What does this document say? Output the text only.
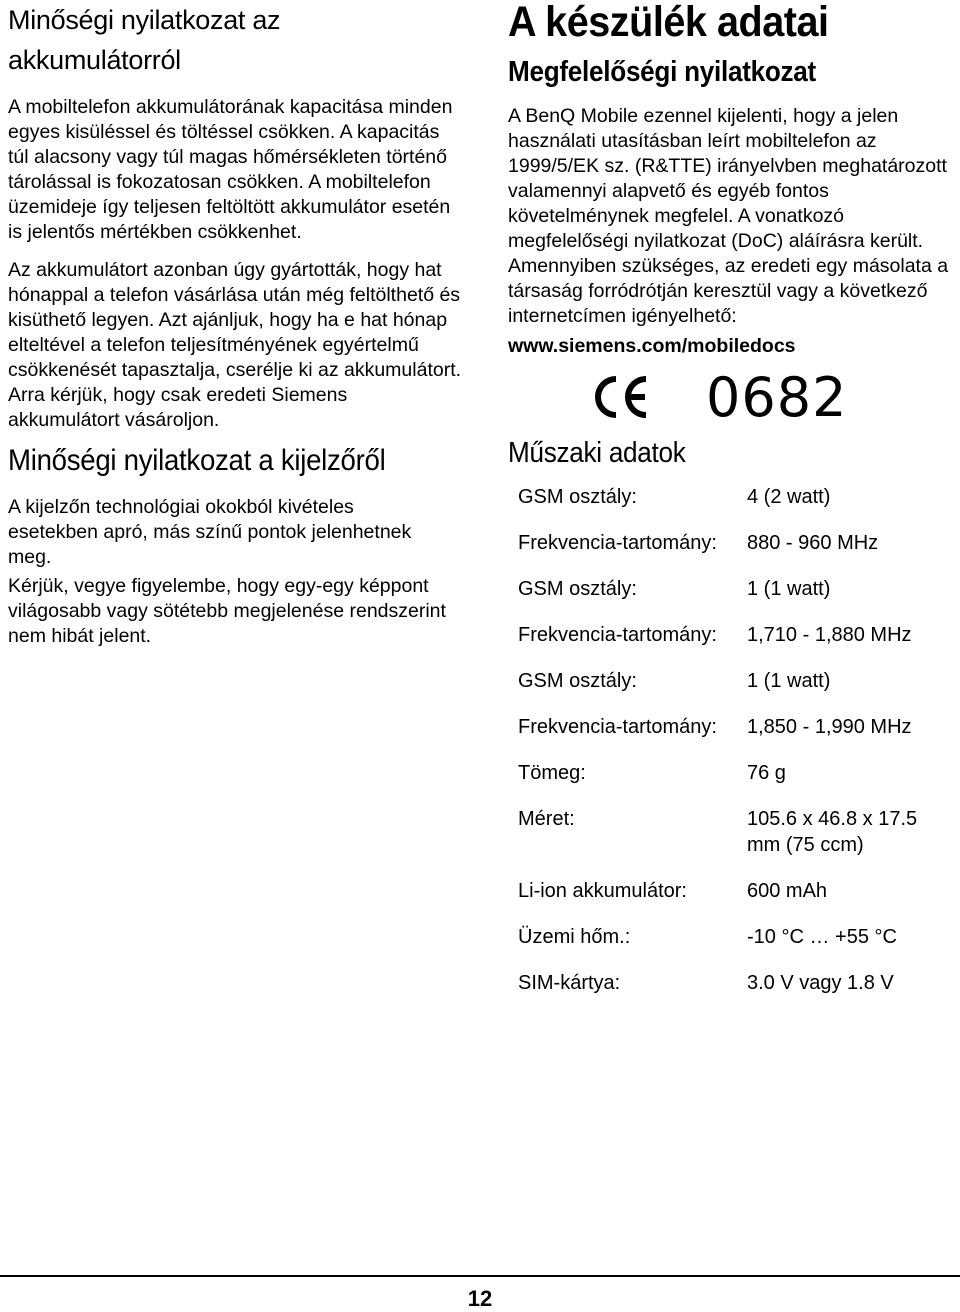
Minőségi nyilatkozat az akkumulátorról

A mobiltelefon akkumulátorának kapacitása minden egyes kisüléssel és töltéssel csökken. A kapacitás túl alacsony vagy túl magas hőmérsékleten történő tárolással is fokozatosan csökken. A mobiltelefon üzemideje így teljesen feltöltött akkumulátor esetén is jelentős mértékben csökkenhet.

Az akkumulátort azonban úgy gyártották, hogy hat hónappal a telefon vásárlása után még feltölthető és kisüthető legyen. Azt ajánljuk, hogy ha e hat hónap elteltével a telefon teljesítményének egyértelmű csökkenését tapasztalja, cserélje ki az akkumulátort. Arra kérjük, hogy csak eredeti Siemens akkumulátort vásároljon.

Minőségi nyilatkozat a kijelzőről

A kijelzőn technológiai okokból kivételes esetekben apró, más színű pontok jelenhetnek meg.

Kérjük, vegye figyelembe, hogy egy-egy képpont világosabb vagy sötétebb megjelenése rendszerint nem hibát jelent.

A készülék adatai
Megfelelőségi nyilatkozat

A BenQ Mobile ezennel kijelenti, hogy a jelen használati utasításban leírt mobiltelefon az 1999/5/EK sz. (R&TTE) irányelvben meghatározott valamennyi alapvető és egyéb fontos követelménynek megfelel. A vonatkozó megfelelőségi nyilatkozat (DoC) aláírásra került. Amennyiben szükséges, az eredeti egy másolata a társaság forródrótján keresztül vagy a következő internetcímen igényelhető:

www.siemens.com/mobiledocs
0682
Műszaki adatok
GSM osztály:	4 (2 watt)
Frekvencia-tartomány:	880 - 960 MHz
GSM osztály:	1 (1 watt)
Frekvencia-tartomány:	1,710 - 1,880 MHz
GSM osztály:	1 (1 watt)
Frekvencia-tartomány:	1,850 - 1,990 MHz
Tömeg:	76 g
Méret:	105.6 x 46.8 x 17.5 mm (75 ccm)
Li-ion akkumulátor:	600 mAh
Üzemi hőm.:	-10 °C … +55 °C
SIM-kártya:	3.0 V vagy 1.8 V
12
